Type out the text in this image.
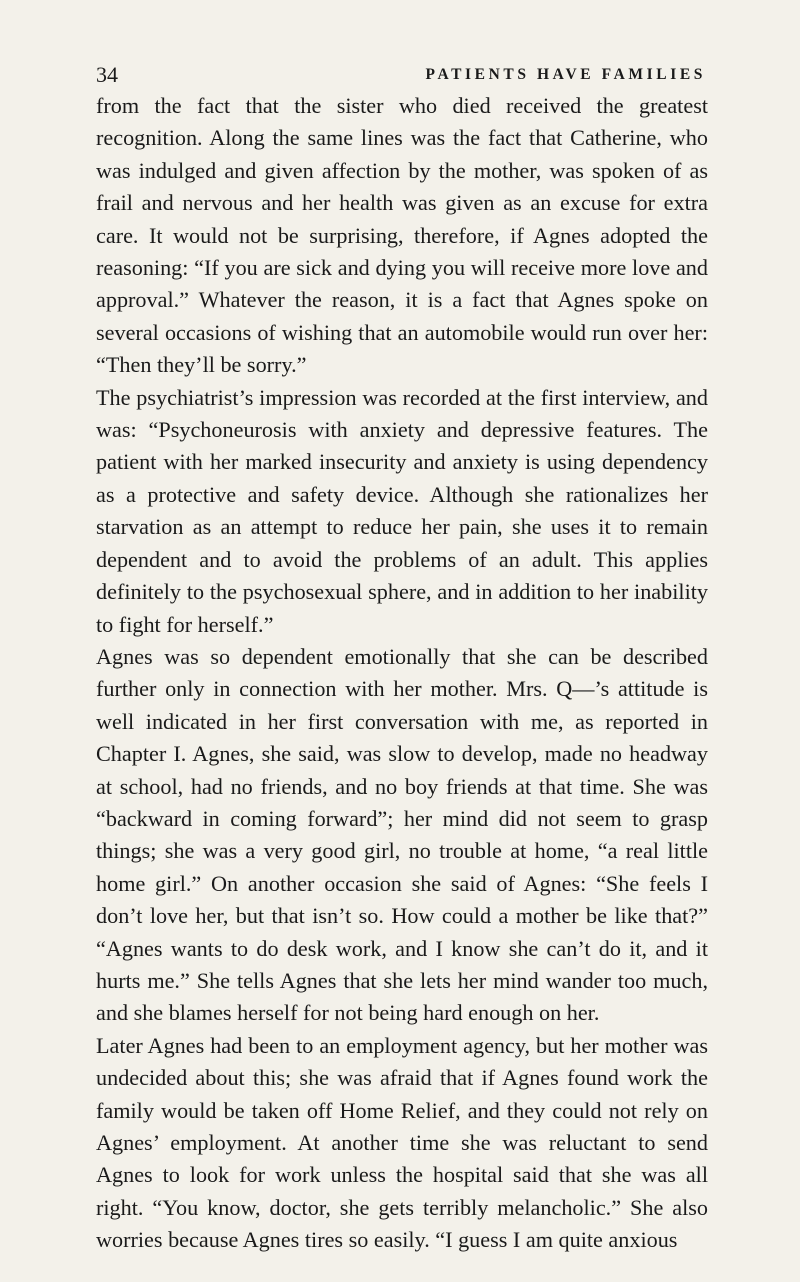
34	PATIENTS HAVE FAMILIES

from the fact that the sister who died received the greatest recognition. Along the same lines was the fact that Catherine, who was indulged and given affection by the mother, was spoken of as frail and nervous and her health was given as an excuse for extra care. It would not be surprising, therefore, if Agnes adopted the reasoning: “If you are sick and dying you will receive more love and approval.” Whatever the reason, it is a fact that Agnes spoke on several occasions of wishing that an automobile would run over her: “Then they’ll be sorry.”

The psychiatrist’s impression was recorded at the first interview, and was: “Psychoneurosis with anxiety and depressive features. The patient with her marked insecurity and anxiety is using dependency as a protective and safety device. Although she rationalizes her starvation as an attempt to reduce her pain, she uses it to remain dependent and to avoid the problems of an adult. This applies definitely to the psychosexual sphere, and in addition to her inability to fight for herself.”

Agnes was so dependent emotionally that she can be described further only in connection with her mother. Mrs. Q—’s attitude is well indicated in her first conversation with me, as reported in Chapter I. Agnes, she said, was slow to develop, made no headway at school, had no friends, and no boy friends at that time. She was “backward in coming forward”; her mind did not seem to grasp things; she was a very good girl, no trouble at home, “a real little home girl.” On another occasion she said of Agnes: “She feels I don’t love her, but that isn’t so. How could a mother be like that?” “Agnes wants to do desk work, and I know she can’t do it, and it hurts me.” She tells Agnes that she lets her mind wander too much, and she blames herself for not being hard enough on her.

Later Agnes had been to an employment agency, but her mother was undecided about this; she was afraid that if Agnes found work the family would be taken off Home Relief, and they could not rely on Agnes’ employment. At another time she was reluctant to send Agnes to look for work unless the hospital said that she was all right. “You know, doctor, she gets terribly melancholic.” She also worries because Agnes tires so easily. “I guess I am quite anxious
